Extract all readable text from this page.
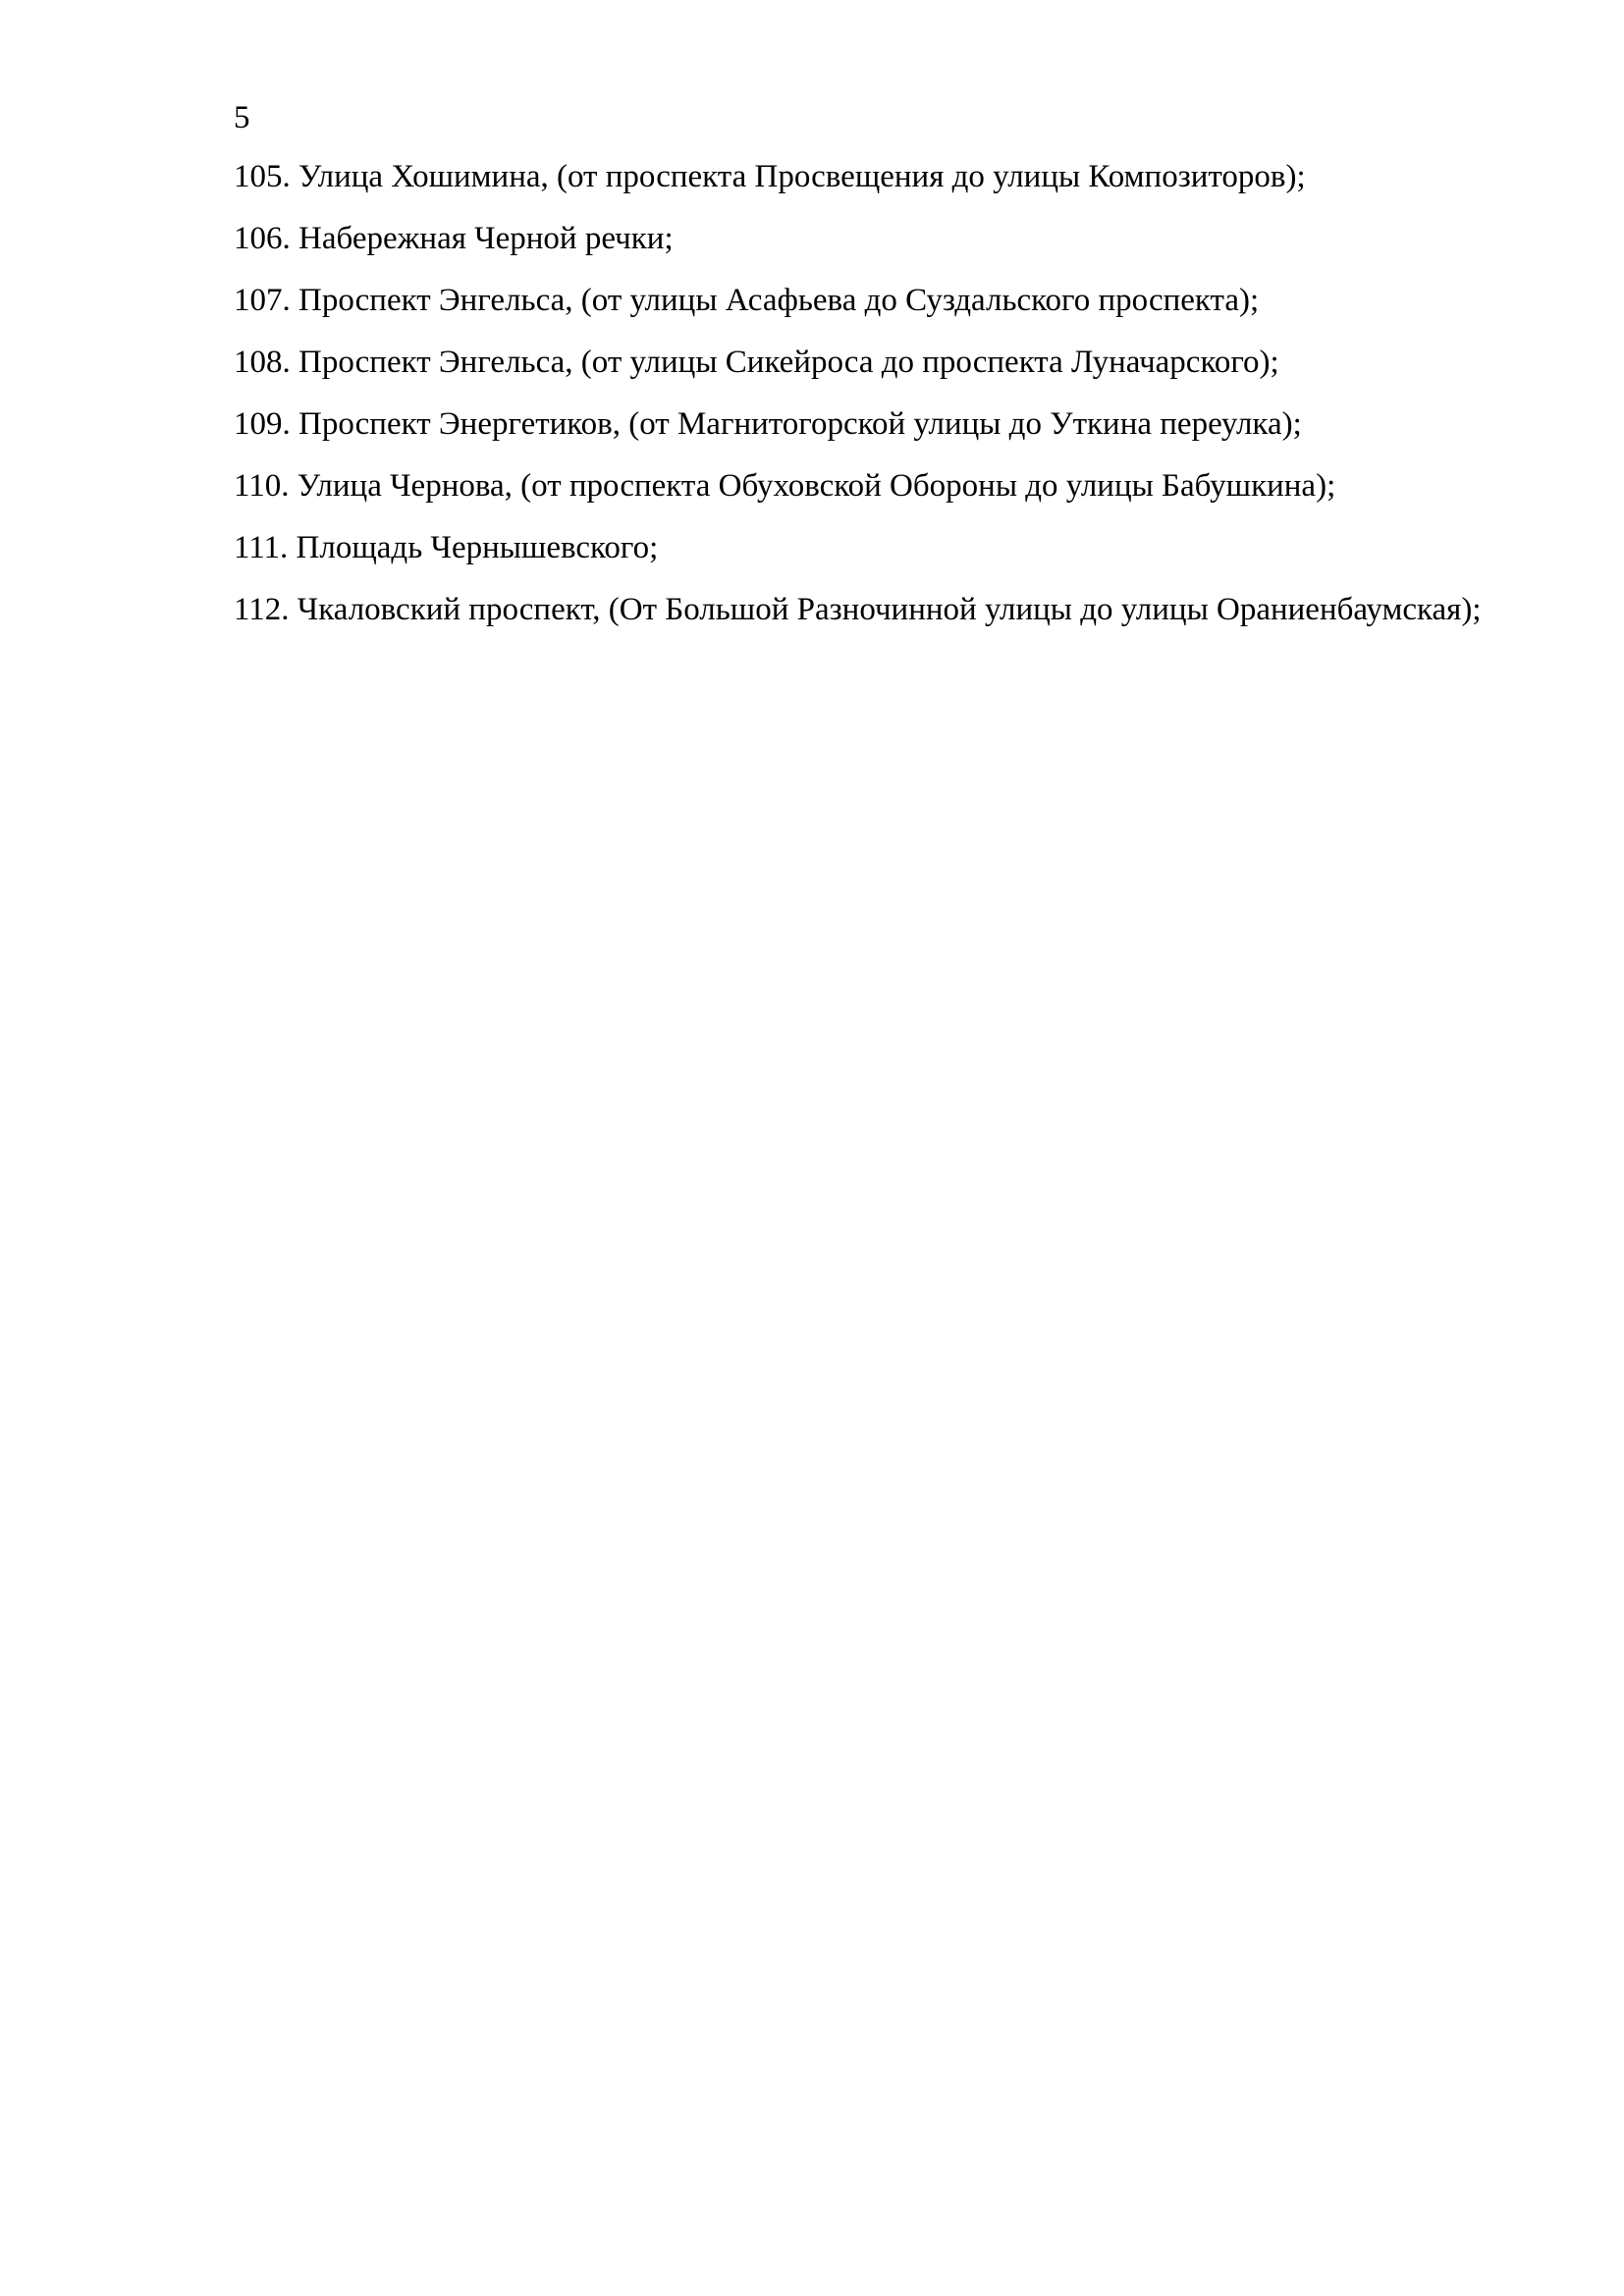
5

105. Улица Хошимина, (от проспекта Просвещения до улицы Композиторов);
106. Набережная Черной речки;
107. Проспект Энгельса, (от улицы Асафьева до Суздальского проспекта);
108. Проспект Энгельса, (от улицы Сикейроса до проспекта Луначарского);
109. Проспект Энергетиков, (от Магнитогорской улицы до Уткина переулка);
110. Улица Чернова, (от проспекта Обуховской Обороны до улицы Бабушкина);
111. Площадь Чернышевского;
112. Чкаловский проспект, (От Большой Разночинной улицы до улицы Ораниенбаумская);
